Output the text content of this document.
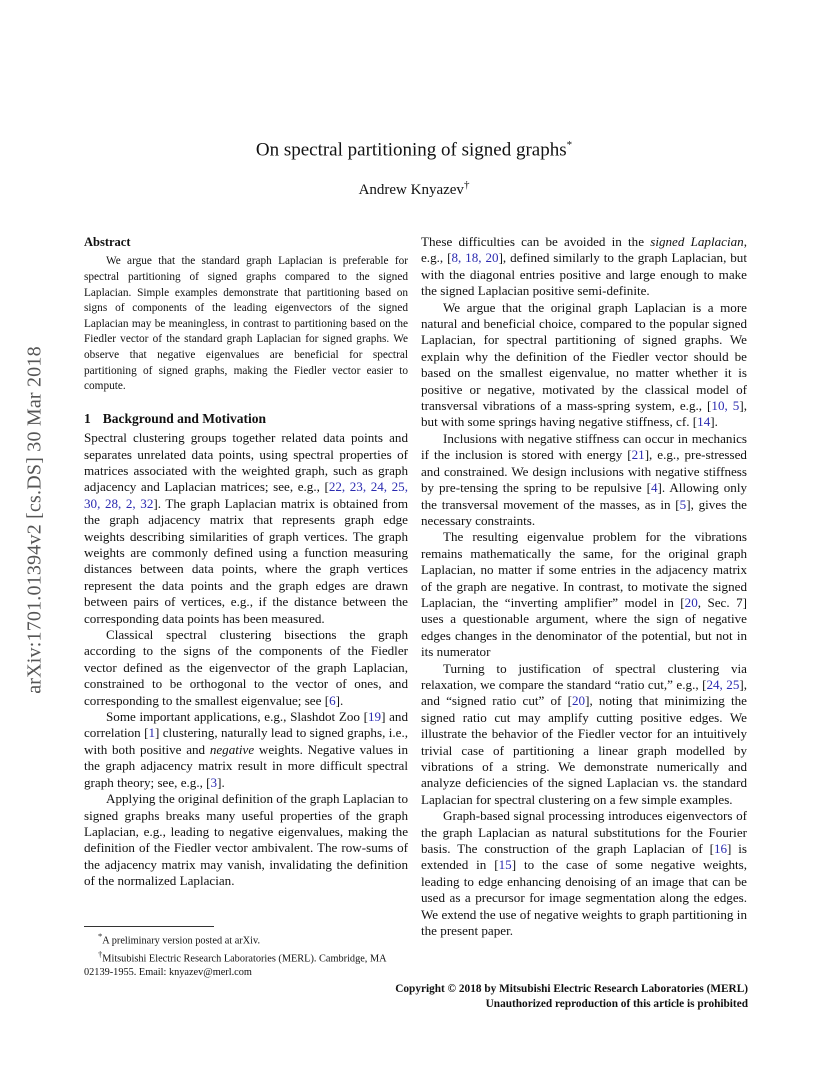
arXiv:1701.01394v2 [cs.DS] 30 Mar 2018
On spectral partitioning of signed graphs*
Andrew Knyazev†
Abstract

We argue that the standard graph Laplacian is preferable for spectral partitioning of signed graphs compared to the signed Laplacian. Simple examples demonstrate that partitioning based on signs of components of the leading eigenvectors of the signed Laplacian may be meaningless, in contrast to partitioning based on the Fiedler vector of the standard graph Laplacian for signed graphs. We observe that negative eigenvalues are beneficial for spectral partitioning of signed graphs, making the Fiedler vector easier to compute.

1 Background and Motivation

Spectral clustering groups together related data points and separates unrelated data points, using spectral properties of matrices associated with the weighted graph, such as graph adjacency and Laplacian matrices; see, e.g., [22, 23, 24, 25, 30, 28, 2, 32]. The graph Laplacian matrix is obtained from the graph adjacency matrix that represents graph edge weights describing similarities of graph vertices. The graph weights are commonly defined using a function measuring distances between data points, where the graph vertices represent the data points and the graph edges are drawn between pairs of vertices, e.g., if the distance between the corresponding data points has been measured.

Classical spectral clustering bisections the graph according to the signs of the components of the Fiedler vector defined as the eigenvector of the graph Laplacian, constrained to be orthogonal to the vector of ones, and corresponding to the smallest eigenvalue; see [6].

Some important applications, e.g., Slashdot Zoo [19] and correlation [1] clustering, naturally lead to signed graphs, i.e., with both positive and negative weights. Negative values in the graph adjacency matrix result in more difficult spectral graph theory; see, e.g., [3].

Applying the original definition of the graph Laplacian to signed graphs breaks many useful properties of the graph Laplacian, e.g., leading to negative eigenvalues, making the definition of the Fiedler vector ambivalent. The row-sums of the adjacency matrix may vanish, invalidating the definition of the normalized Laplacian.

These difficulties can be avoided in the signed Laplacian, e.g., [8, 18, 20], defined similarly to the graph Laplacian, but with the diagonal entries positive and large enough to make the signed Laplacian positive semi-definite.

We argue that the original graph Laplacian is a more natural and beneficial choice, compared to the popular signed Laplacian, for spectral partitioning of signed graphs. We explain why the definition of the Fiedler vector should be based on the smallest eigenvalue, no matter whether it is positive or negative, motivated by the classical model of transversal vibrations of a mass-spring system, e.g., [10, 5], but with some springs having negative stiffness, cf. [14].

Inclusions with negative stiffness can occur in mechanics if the inclusion is stored with energy [21], e.g., pre-stressed and constrained. We design inclusions with negative stiffness by pre-tensing the spring to be repulsive [4]. Allowing only the transversal movement of the masses, as in [5], gives the necessary constraints.

The resulting eigenvalue problem for the vibrations remains mathematically the same, for the original graph Laplacian, no matter if some entries in the adjacency matrix of the graph are negative. In contrast, to motivate the signed Laplacian, the “inverting amplifier” model in [20, Sec. 7] uses a questionable argument, where the sign of negative edges changes in the denominator of the potential, but not in its numerator

Turning to justification of spectral clustering via relaxation, we compare the standard “ratio cut,” e.g., [24, 25], and “signed ratio cut” of [20], noting that minimizing the signed ratio cut may amplify cutting positive edges. We illustrate the behavior of the Fiedler vector for an intuitively trivial case of partitioning a linear graph modelled by vibrations of a string. We demonstrate numerically and analyze deficiencies of the signed Laplacian vs. the standard Laplacian for spectral clustering on a few simple examples.

Graph-based signal processing introduces eigenvectors of the graph Laplacian as natural substitutions for the Fourier basis. The construction of the graph Laplacian of [16] is extended in [15] to the case of some negative weights, leading to edge enhancing denoising of an image that can be used as a precursor for image segmentation along the edges. We extend the use of negative weights to graph partitioning in the present paper.

*A preliminary version posted at arXiv.

†Mitsubishi Electric Research Laboratories (MERL). Cambridge, MA 02139-1955. Email: knyazev@merl.com

Copyright © 2018 by Mitsubishi Electric Research Laboratories (MERL)
Unauthorized reproduction of this article is prohibited
